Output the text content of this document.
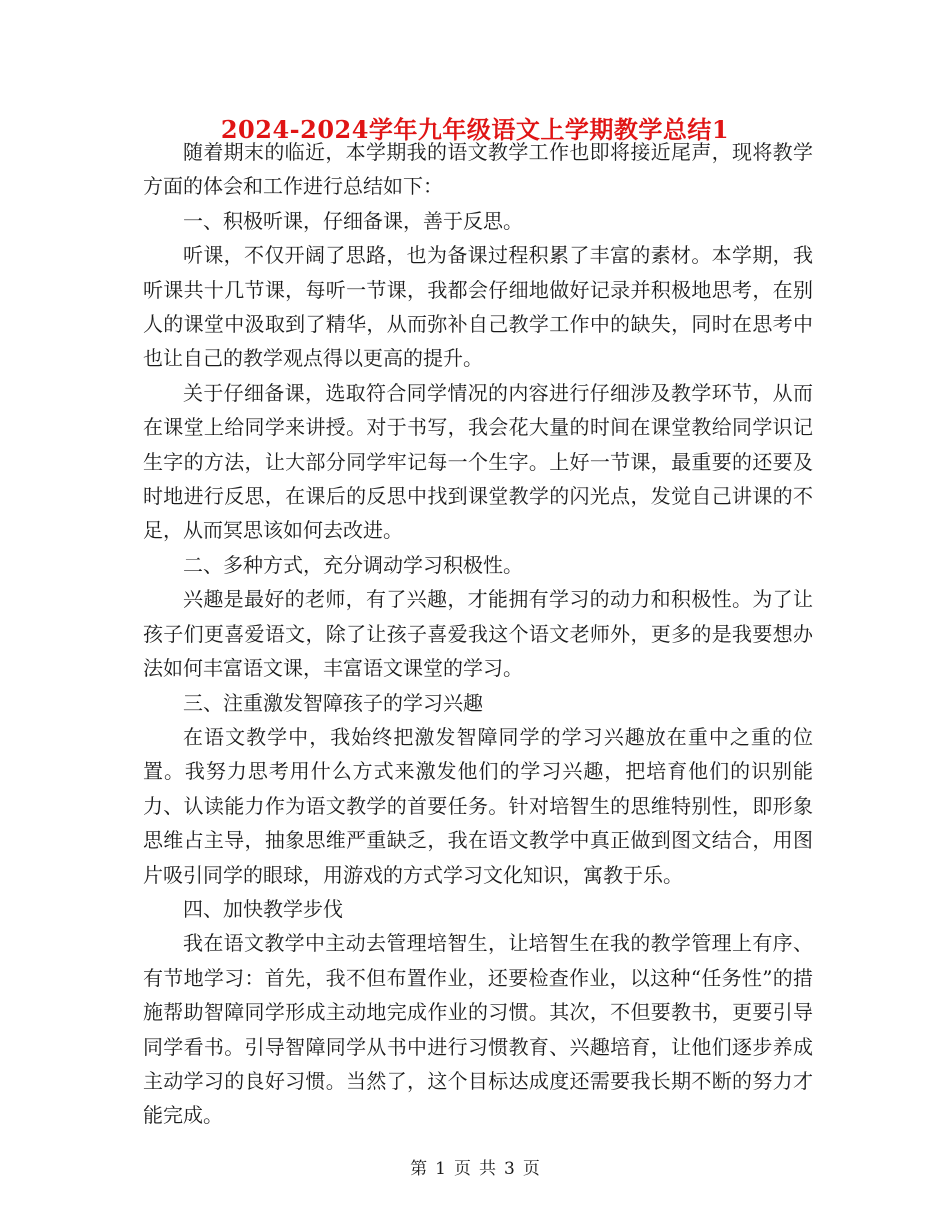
2024-2024学年九年级语文上学期教学总结1

随着期末的临近，本学期我的语文教学工作也即将接近尾声，现将教学方面的体会和工作进行总结如下：

一、积极听课，仔细备课，善于反思。

听课，不仅开阔了思路，也为备课过程积累了丰富的素材。本学期，我听课共十几节课，每听一节课，我都会仔细地做好记录并积极地思考，在别人的课堂中汲取到了精华，从而弥补自己教学工作中的缺失，同时在思考中也让自己的教学观点得以更高的提升。

关于仔细备课，选取符合同学情况的内容进行仔细涉及教学环节，从而在课堂上给同学来讲授。对于书写，我会花大量的时间在课堂教给同学识记生字的方法，让大部分同学牢记每一个生字。上好一节课，最重要的还要及时地进行反思，在课后的反思中找到课堂教学的闪光点，发觉自己讲课的不足，从而冥思该如何去改进。

二、多种方式，充分调动学习积极性。

兴趣是最好的老师，有了兴趣，才能拥有学习的动力和积极性。为了让孩子们更喜爱语文，除了让孩子喜爱我这个语文老师外，更多的是我要想办法如何丰富语文课，丰富语文课堂的学习。

三、注重激发智障孩子的学习兴趣

在语文教学中，我始终把激发智障同学的学习兴趣放在重中之重的位置。我努力思考用什么方式来激发他们的学习兴趣，把培育他们的识别能力、认读能力作为语文教学的首要任务。针对培智生的思维特别性，即形象思维占主导，抽象思维严重缺乏，我在语文教学中真正做到图文结合，用图片吸引同学的眼球，用游戏的方式学习文化知识，寓教于乐。

四、加快教学步伐

我在语文教学中主动去管理培智生，让培智生在我的教学管理上有序、有节地学习：首先，我不但布置作业，还要检查作业，以这种“任务性”的措施帮助智障同学形成主动地完成作业的习惯。其次，不但要教书，更要引导同学看书。引导智障同学从书中进行习惯教育、兴趣培育，让他们逐步养成主动学习的良好习惯。当然了，这个目标达成度还需要我长期不断的努力才能完成。

第 1 页 共 3 页
